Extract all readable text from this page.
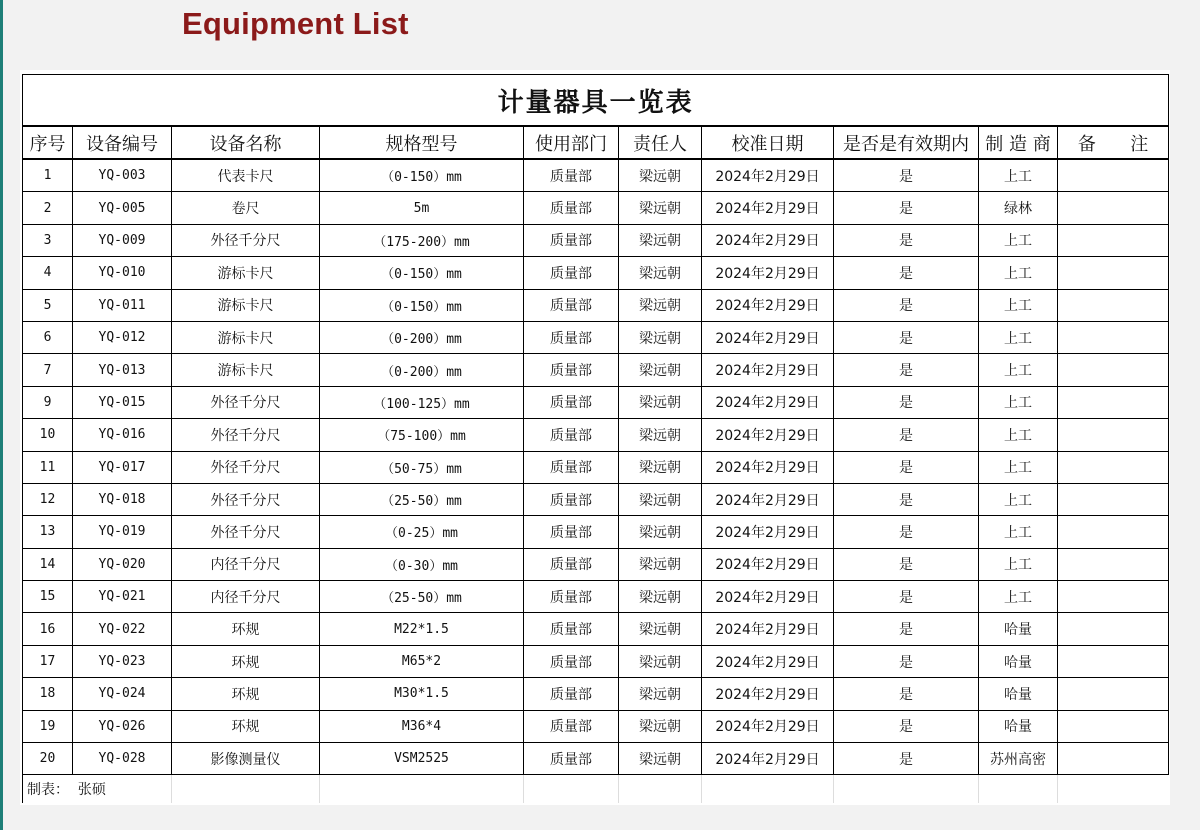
Equipment List
计量器具一览表									
序号	设备编号	设备名称	规格型号	使用部门	责任人	校准日期	是否是有效期内	制 造 商	备      注
1	YQ-003	代表卡尺	（0-150）mm	质量部	梁远朝	2024年2月29日	是	上工	
2	YQ-005	卷尺	5m	质量部	梁远朝	2024年2月29日	是	绿林	
3	YQ-009	外径千分尺	（175-200）mm	质量部	梁远朝	2024年2月29日	是	上工	
4	YQ-010	游标卡尺	（0-150）mm	质量部	梁远朝	2024年2月29日	是	上工	
5	YQ-011	游标卡尺	（0-150）mm	质量部	梁远朝	2024年2月29日	是	上工	
6	YQ-012	游标卡尺	（0-200）mm	质量部	梁远朝	2024年2月29日	是	上工	
7	YQ-013	游标卡尺	（0-200）mm	质量部	梁远朝	2024年2月29日	是	上工	
9	YQ-015	外径千分尺	（100-125）mm	质量部	梁远朝	2024年2月29日	是	上工	
10	YQ-016	外径千分尺	（75-100）mm	质量部	梁远朝	2024年2月29日	是	上工	
11	YQ-017	外径千分尺	（50-75）mm	质量部	梁远朝	2024年2月29日	是	上工	
12	YQ-018	外径千分尺	（25-50）mm	质量部	梁远朝	2024年2月29日	是	上工	
13	YQ-019	外径千分尺	（0-25）mm	质量部	梁远朝	2024年2月29日	是	上工	
14	YQ-020	内径千分尺	（0-30）mm	质量部	梁远朝	2024年2月29日	是	上工	
15	YQ-021	内径千分尺	（25-50）mm	质量部	梁远朝	2024年2月29日	是	上工	
16	YQ-022	环规	M22*1.5	质量部	梁远朝	2024年2月29日	是	哈量	
17	YQ-023	环规	M65*2	质量部	梁远朝	2024年2月29日	是	哈量	
18	YQ-024	环规	M30*1.5	质量部	梁远朝	2024年2月29日	是	哈量	
19	YQ-026	环规	M36*4	质量部	梁远朝	2024年2月29日	是	哈量	
20	YQ-028	影像测量仪	VSM2525	质量部	梁远朝	2024年2月29日	是	苏州高密	
制表：  张硕									
